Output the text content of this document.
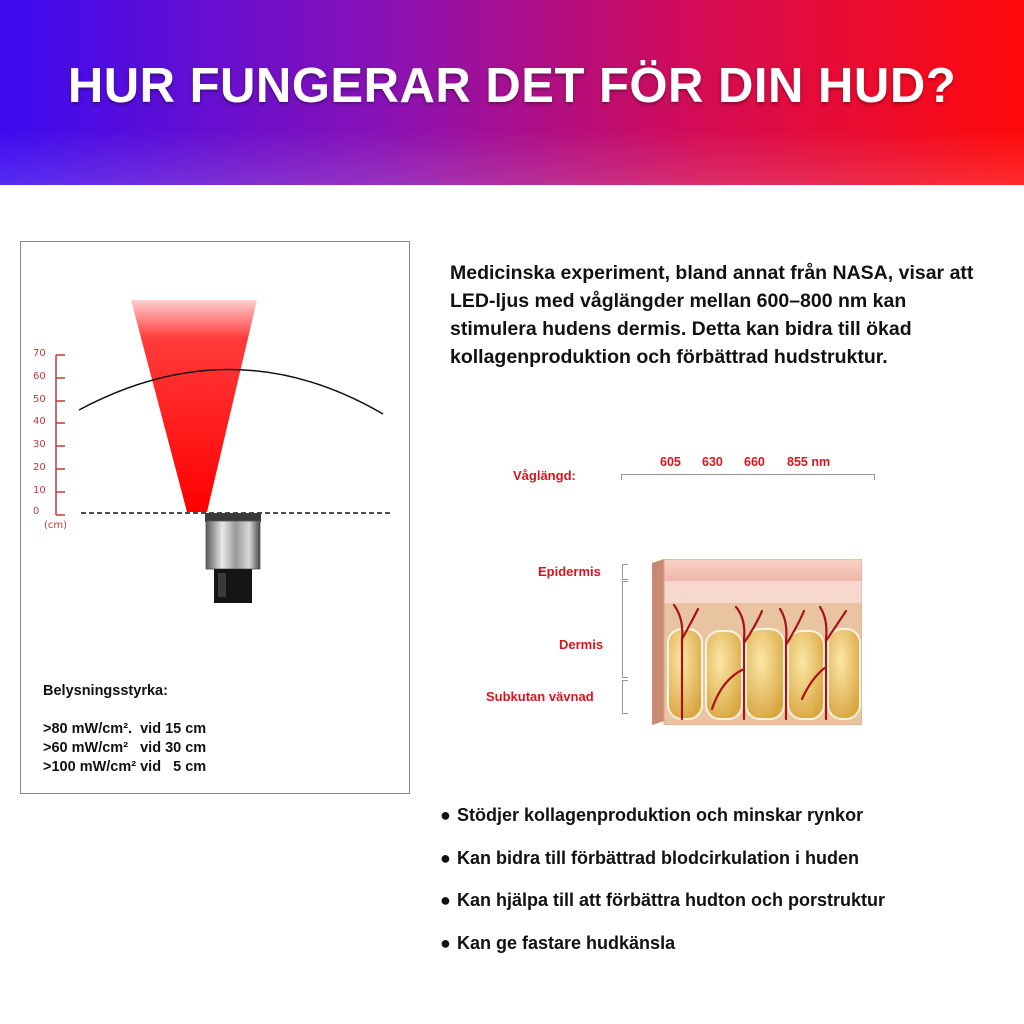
HUR FUNGERAR DET FÖR DIN HUD?
70
60
50
40
30
20
10
0
(cm)
Belysningsstyrka:
>80 mW/cm².  vid 15 cm
>60 mW/cm²   vid 30 cm
>100 mW/cm² vid   5 cm

Medicinska experiment, bland annat från NASA, visar att LED-ljus med våglängder mellan 600–800 nm kan stimulera hudens dermis. Detta kan bidra till ökad kollagenproduktion och förbättrad hudstruktur.

Våglängd:
605 630 660 855 nm
Epidermis
Dermis
Subkutan vävnad
● Stödjer kollagenproduktion och minskar rynkor
● Kan bidra till förbättrad blodcirkulation i huden
● Kan hjälpa till att förbättra hudton och porstruktur
● Kan ge fastare hudkänsla
